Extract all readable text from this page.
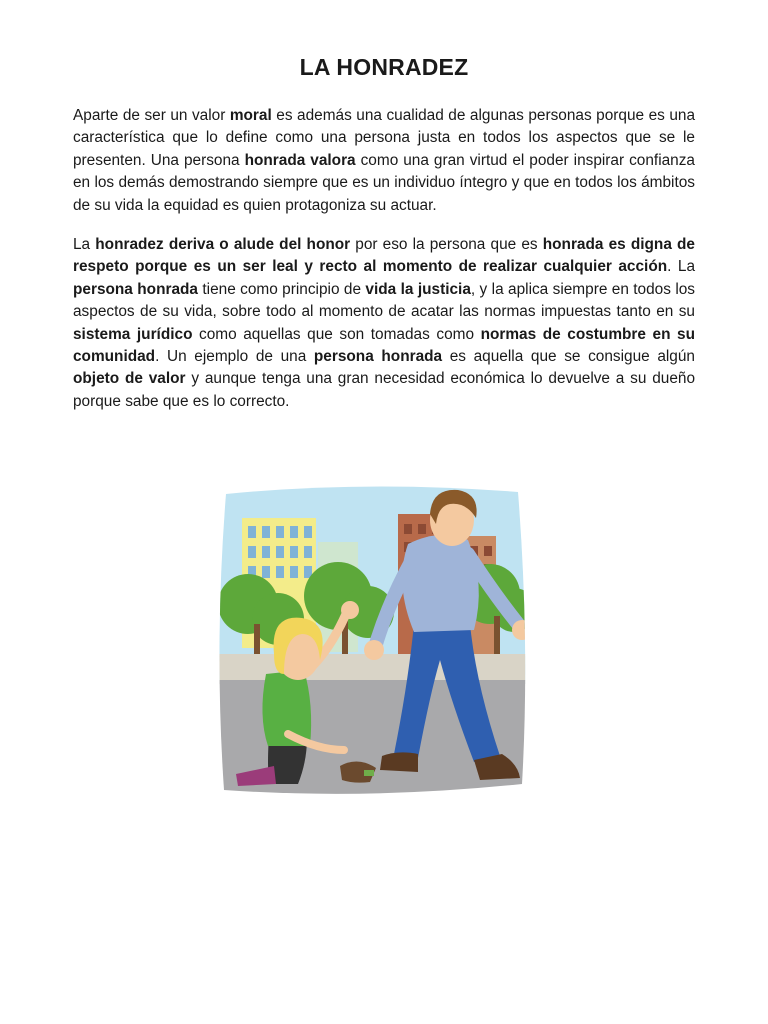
LA HONRADEZ

Aparte de ser un valor moral es además una cualidad de algunas personas porque es una característica que lo define como una persona justa en todos los aspectos que se le presenten. Una persona honrada valora como una gran virtud el poder inspirar confianza en los demás demostrando siempre que es un individuo íntegro y que en todos los ámbitos de su vida la equidad es quien protagoniza su actuar.

La honradez deriva o alude del honor por eso la persona que es honrada es digna de respeto porque es un ser leal y recto al momento de realizar cualquier acción. La persona honrada tiene como principio de vida la justicia, y la aplica siempre en todos los aspectos de su vida, sobre todo al momento de acatar las normas impuestas tanto en su sistema jurídico como aquellas que son tomadas como normas de costumbre en su comunidad. Un ejemplo de una persona honrada es aquella que se consigue algún objeto de valor y aunque tenga una gran necesidad económica lo devuelve a su dueño porque sabe que es lo correcto.
